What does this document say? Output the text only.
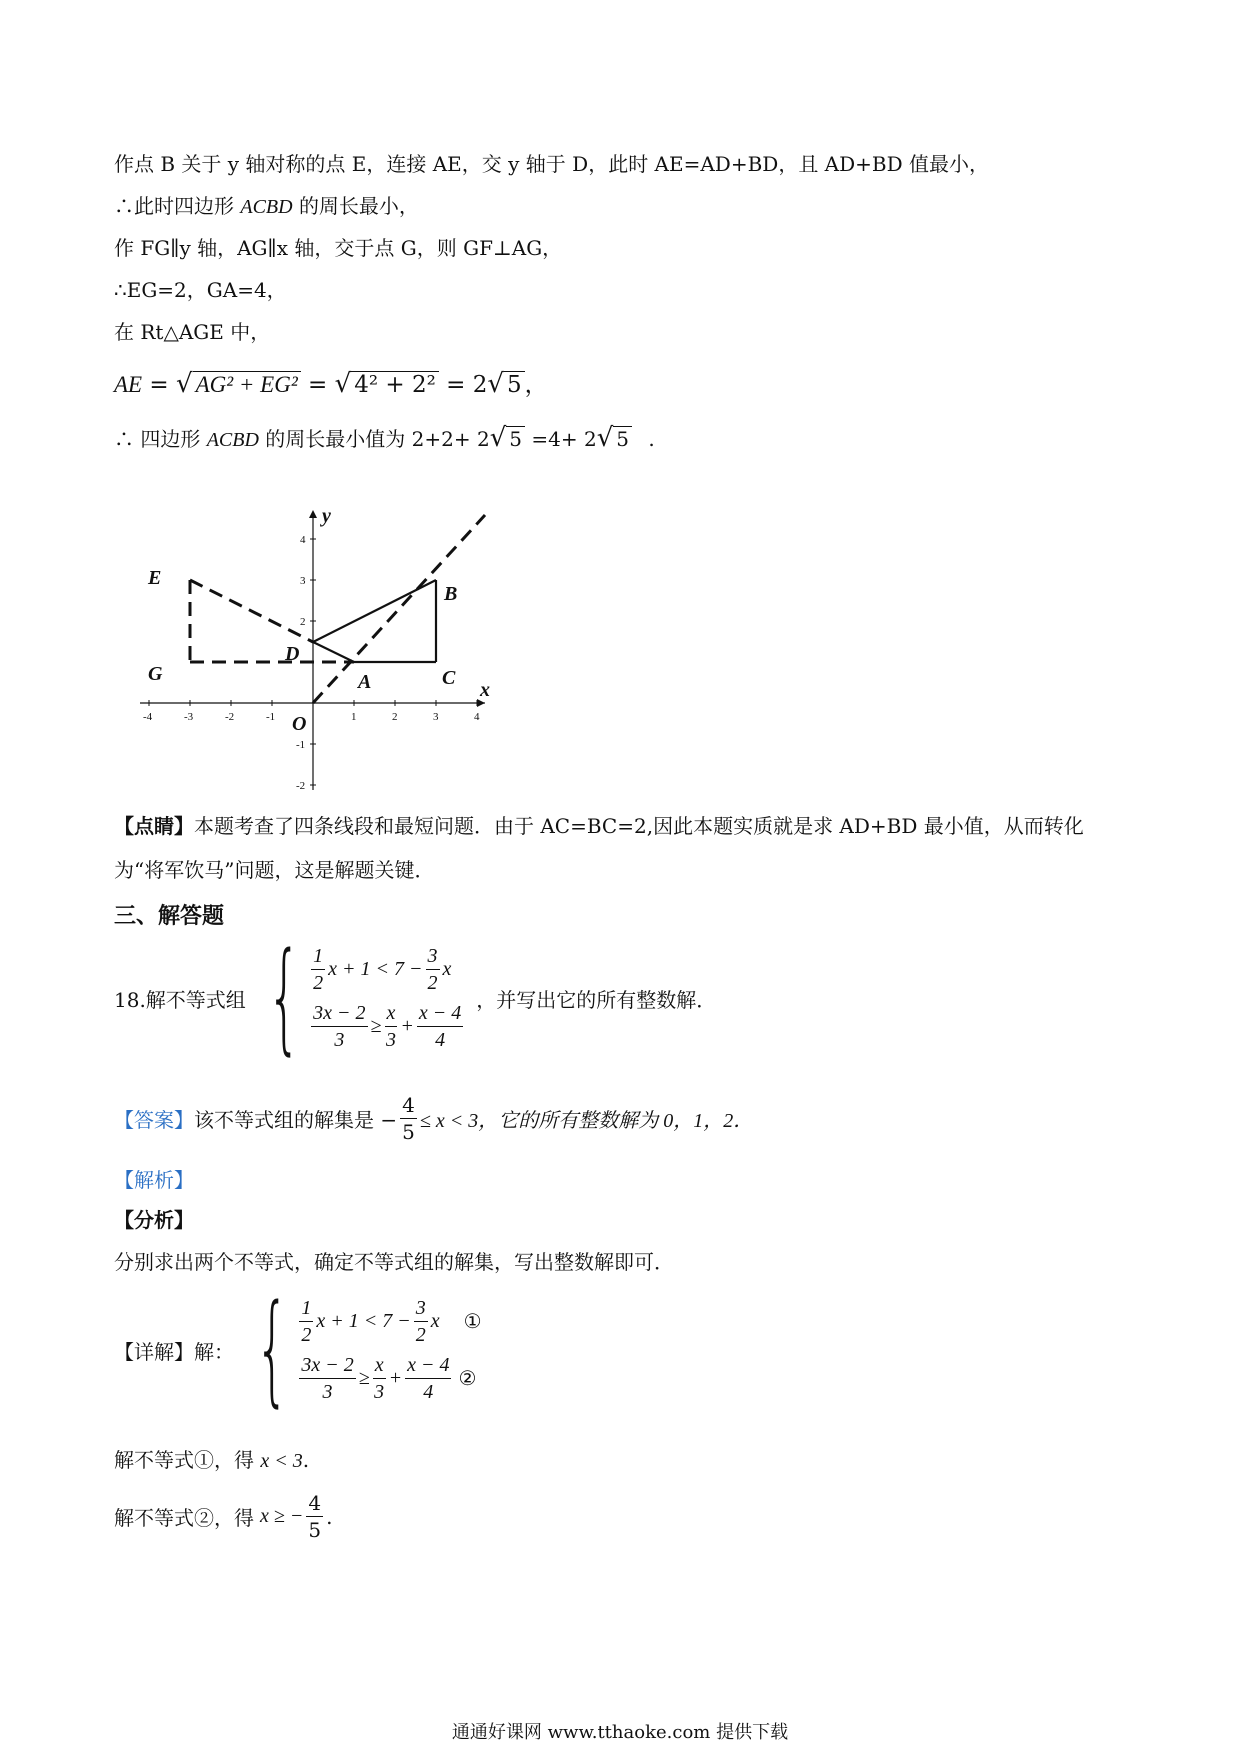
作点 B 关于 y 轴对称的点 E，连接 AE，交 y 轴于 D，此时 AE=AD+BD，且 AD+BD 值最小，
∴此时四边形 ACBD 的周长最小，
作 FG∥y 轴，AG∥x 轴，交于点 G，则 GF⊥AG，
∴EG=2，GA=4，
在 Rt△AGE 中，
AE = √ AG² + EG² = √ 4² + 2² = 2√ 5 ，
∴ 四边形 ACBD 的周长最小值为 2+2+ 2√ 5 =4+ 2√ 5 .
-4	-3	-2	-1	1	2	3	4
4
3
2
-1
-2
E
G
D
A
B
C
O
x
y
【点睛】本题考查了四条线段和最短问题．由于 AC=BC=2,因此本题实质就是求 AD+BD 最小值，从而转化
为“将军饮马”问题，这是解题关键．
三、解答题
18.解不等式组 { $\frac{1}{2}$ $x + 1 < 7 - \frac{3}{2}$ x
$\frac{3x - 2}{3} \ge \frac{x}{3} + \frac{x - 4}{4}$
，并写出它的所有整数解．
【答案】 该不等式组的解集是 − $\frac{4}{5} \le x < 3$，它的所有整数解为 0，1，2．
【解析】
【分析】
分别求出两个不等式，确定不等式组的解集，写出整数解即可．
【详解】解： { $\frac{1}{2}$ $x + 1 < 7 - \frac{3}{2}$ x ①
$\frac{3x - 2}{3} \ge \frac{x}{3} + \frac{x - 4}{4}$ ②
解不等式①，得 x < 3.
解不等式②，得 x ≥ − $\frac{4}{5}$ .
通通好课网 www.tthaoke.com 提供下载
